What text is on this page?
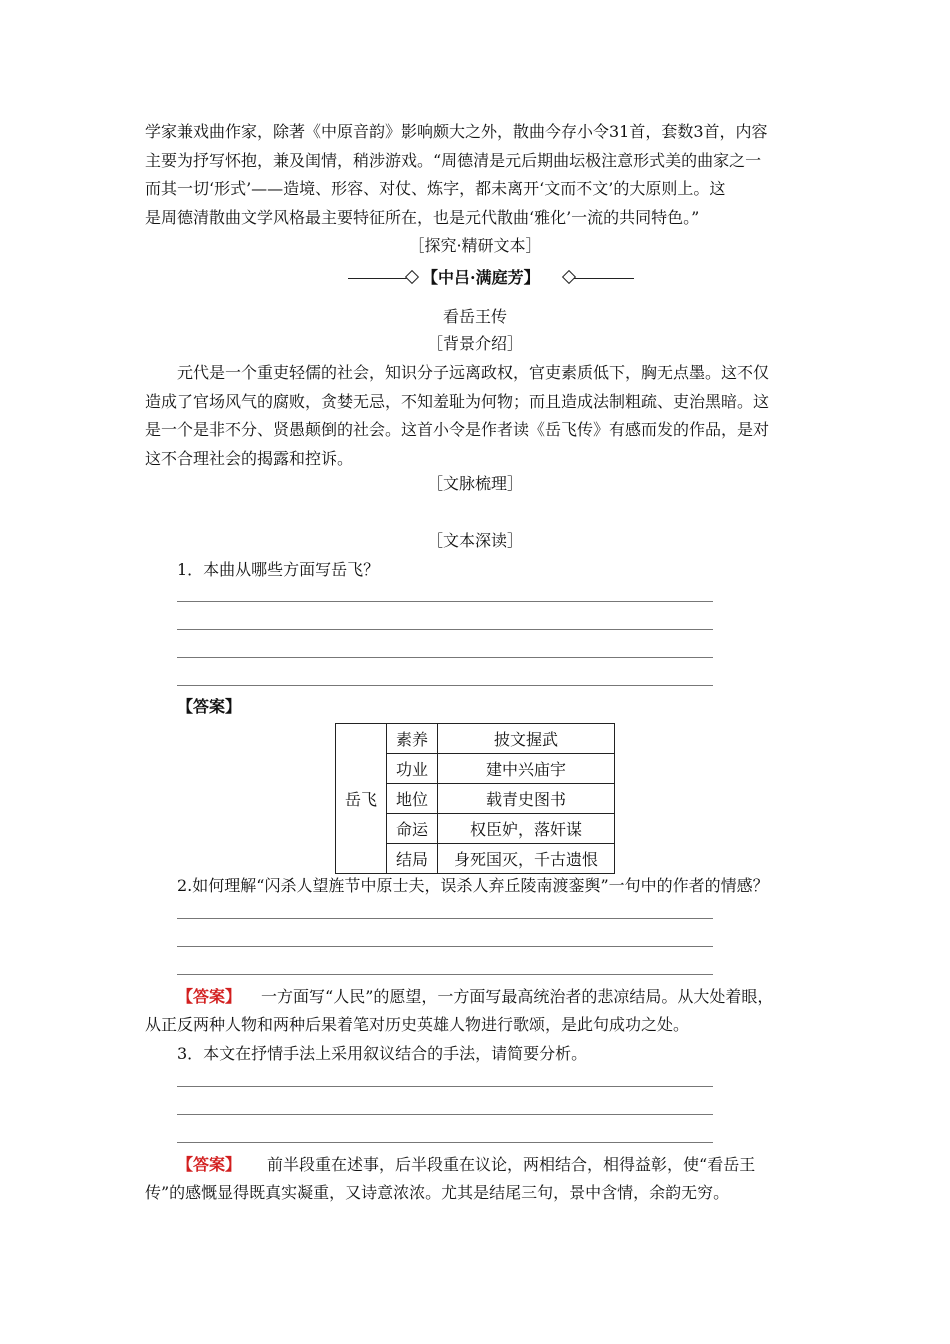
学家兼戏曲作家，除著《中原音韵》影响颇大之外，散曲今存小令31首，套数3首，内容
主要为抒写怀抱，兼及闺情，稍涉游戏。“周德清是元后期曲坛极注意形式美的曲家之一
而其一切‘形式’——造境、形容、对仗、炼字，都未离开‘文而不文’的大原则上。这
是周德清散曲文学风格最主要特征所在，也是元代散曲‘雅化’一流的共同特色。”
［探究·精研文本］
【中吕·满庭芳】
看岳王传
［背景介绍］
元代是一个重吏轻儒的社会，知识分子远离政权，官吏素质低下，胸无点墨。这不仅
造成了官场风气的腐败，贪婪无忌，不知羞耻为何物；而且造成法制粗疏、吏治黑暗。这
是一个是非不分、贤愚颠倒的社会。这首小令是作者读《岳飞传》有感而发的作品，是对
这不合理社会的揭露和控诉。
［文脉梳理］
［文本深读］
1．本曲从哪些方面写岳飞？
【答案】
岳飞	素养	披文握武
	功业	建中兴庙宇
	地位	载青史图书
	命运	权臣妒，落奸谋
	结局	身死国灭，千古遗恨
2.如何理解“闪杀人望旌节中原士夫，误杀人弃丘陵南渡銮舆”一句中的作者的情感？
【答案】 一方面写“人民”的愿望，一方面写最高统治者的悲凉结局。从大处着眼，
从正反两种人物和两种后果着笔对历史英雄人物进行歌颂，是此句成功之处。
3．本文在抒情手法上采用叙议结合的手法，请简要分析。
【答案】 前半段重在述事，后半段重在议论，两相结合，相得益彰，使“看岳王
传”的感慨显得既真实凝重，又诗意浓浓。尤其是结尾三句，景中含情，余韵无穷。
